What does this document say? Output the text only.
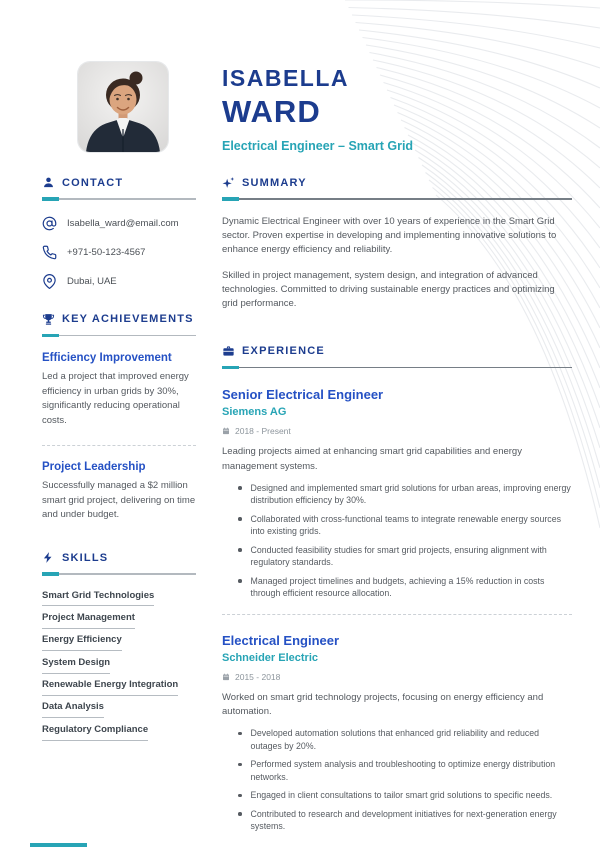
ISABELLA
WARD
Electrical Engineer – Smart Grid
CONTACT
Isabella_ward@email.com
+971-50-123-4567
Dubai, UAE
KEY ACHIEVEMENTS
Efficiency Improvement
Led a project that improved energy efficiency in urban grids by 30%, significantly reducing operational costs.
Project Leadership
Successfully managed a $2 million smart grid project, delivering on time and under budget.
SKILLS
Smart Grid Technologies
Project Management
Energy Efficiency
System Design
Renewable Energy Integration
Data Analysis
Regulatory Compliance
SUMMARY

Dynamic Electrical Engineer with over 10 years of experience in the Smart Grid sector. Proven expertise in developing and implementing innovative solutions to enhance energy efficiency and reliability.

Skilled in project management, system design, and integration of advanced technologies. Committed to driving sustainable energy practices and optimizing grid performance.

EXPERIENCE
Senior Electrical Engineer
Siemens AG
2018 - Present
Leading projects aimed at enhancing smart grid capabilities and energy management systems.
Designed and implemented smart grid solutions for urban areas, improving energy distribution efficiency by 30%.
Collaborated with cross-functional teams to integrate renewable energy sources into existing grids.
Conducted feasibility studies for smart grid projects, ensuring alignment with regulatory standards.
Managed project timelines and budgets, achieving a 15% reduction in costs through efficient resource allocation.
Electrical Engineer
Schneider Electric
2015 - 2018
Worked on smart grid technology projects, focusing on energy efficiency and automation.
Developed automation solutions that enhanced grid reliability and reduced outages by 20%.
Performed system analysis and troubleshooting to optimize energy distribution networks.
Engaged in client consultations to tailor smart grid solutions to specific needs.
Contributed to research and development initiatives for next-generation energy systems.
